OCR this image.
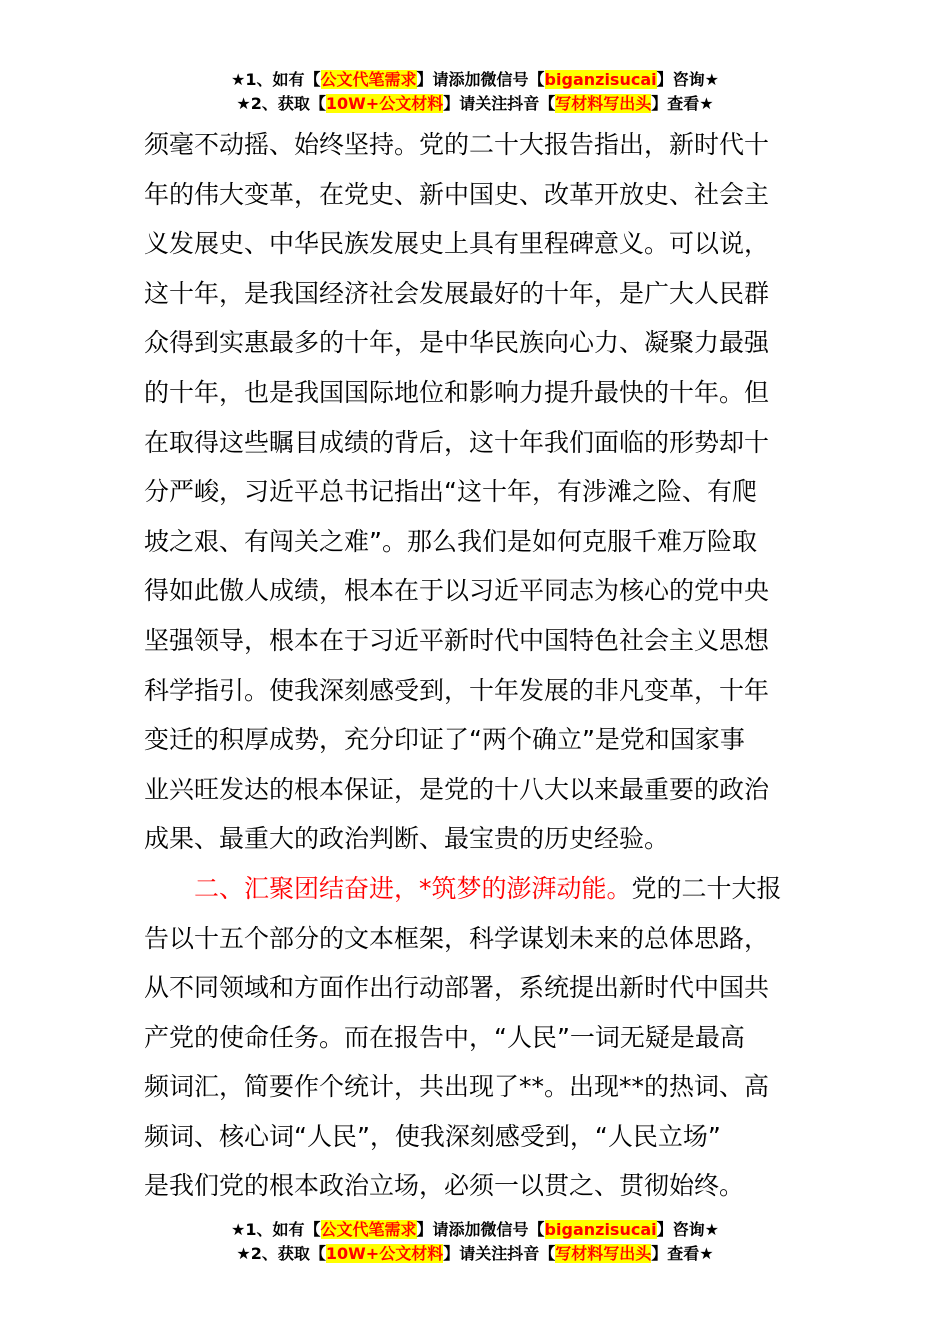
★1、如有【公文代笔需求】请添加微信号【biganzisucai】咨询★
★2、获取【10W+公文材料】请关注抖音【写材料写出头】查看★

须毫不动摇、始终坚持。党的二十大报告指出，新时代十
年的伟大变革，在党史、新中国史、改革开放史、社会主
义发展史、中华民族发展史上具有里程碑意义。可以说，
这十年，是我国经济社会发展最好的十年，是广大人民群
众得到实惠最多的十年，是中华民族向心力、凝聚力最强
的十年，也是我国国际地位和影响力提升最快的十年。但
在取得这些瞩目成绩的背后，这十年我们面临的形势却十
分严峻，习近平总书记指出“这十年，有涉滩之险、有爬
坡之艰、有闯关之难”。那么我们是如何克服千难万险取
得如此傲人成绩，根本在于以习近平同志为核心的党中央
坚强领导，根本在于习近平新时代中国特色社会主义思想
科学指引。使我深刻感受到，十年发展的非凡变革，十年
变迁的积厚成势，充分印证了“两个确立”是党和国家事
业兴旺发达的根本保证，是党的十八大以来最重要的政治
成果、最重大的政治判断、最宝贵的历史经验。

二、汇聚团结奋进，*筑梦的澎湃动能。党的二十大报
告以十五个部分的文本框架，科学谋划未来的总体思路，
从不同领域和方面作出行动部署，系统提出新时代中国共
产党的使命任务。而在报告中，“人民”一词无疑是最高
频词汇，简要作个统计，共出现了**。出现**的热词、高
频词、核心词“人民”，使我深刻感受到，“人民立场”
是我们党的根本政治立场，必须一以贯之、贯彻始终。

★1、如有【公文代笔需求】请添加微信号【biganzisucai】咨询★
★2、获取【10W+公文材料】请关注抖音【写材料写出头】查看★
